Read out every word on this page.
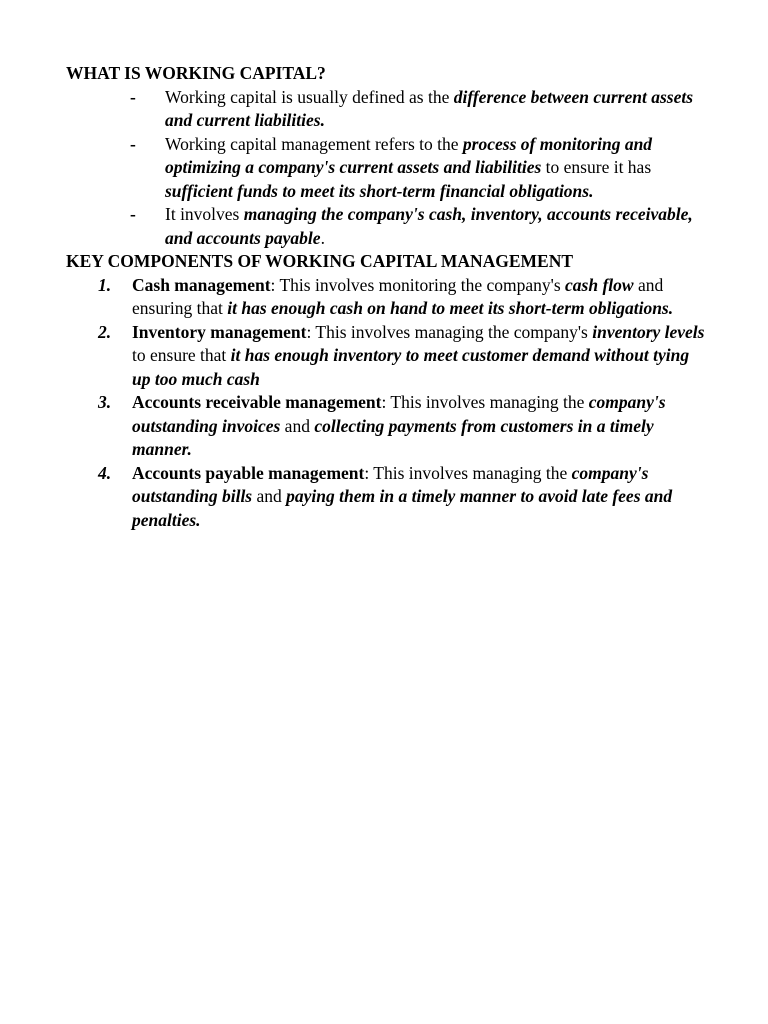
WHAT IS WORKING CAPITAL?
- Working capital is usually defined as the difference between current assets and current liabilities.
- Working capital management refers to the process of monitoring and optimizing a company's current assets and liabilities to ensure it has sufficient funds to meet its short-term financial obligations.
- It involves managing the company's cash, inventory, accounts receivable, and accounts payable.
KEY COMPONENTS OF WORKING CAPITAL MANAGEMENT
1. Cash management: This involves monitoring the company's cash flow and ensuring that it has enough cash on hand to meet its short-term obligations.
2. Inventory management: This involves managing the company's inventory levels to ensure that it has enough inventory to meet customer demand without tying up too much cash
3. Accounts receivable management: This involves managing the company's outstanding invoices and collecting payments from customers in a timely manner.
4. Accounts payable management: This involves managing the company's outstanding bills and paying them in a timely manner to avoid late fees and penalties.
